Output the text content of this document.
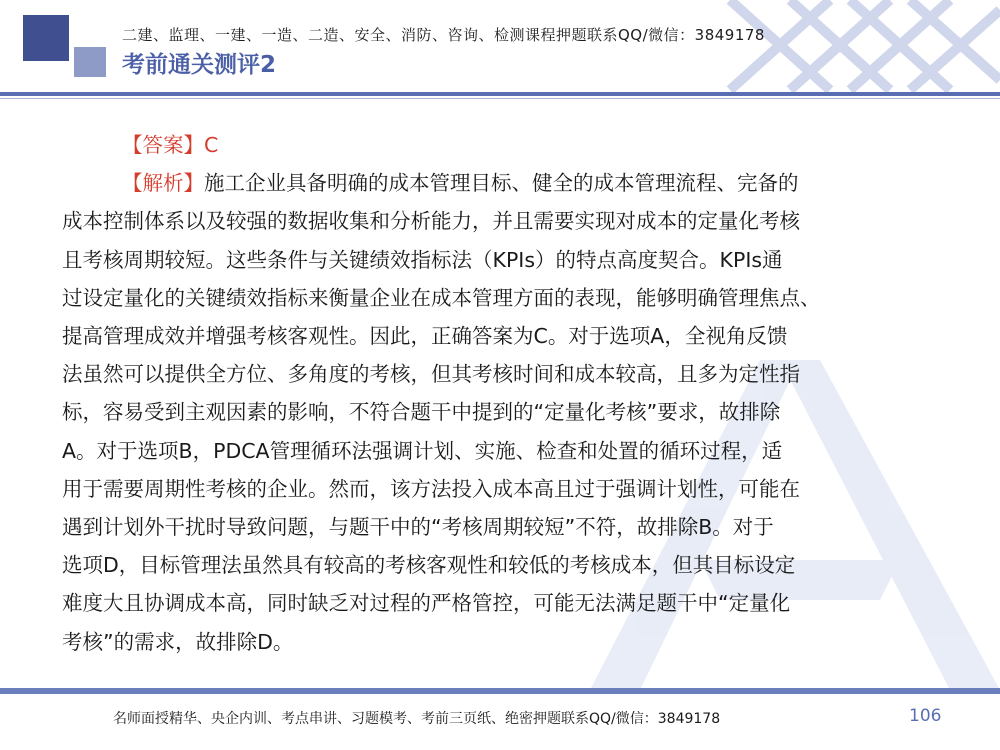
二建、监理、一建、一造、二造、安全、消防、咨询、检测课程押题联系QQ/微信：3849178
考前通关测评2

【答案】C

【解析】施工企业具备明确的成本管理目标、健全的成本管理流程、完备的

成本控制体系以及较强的数据收集和分析能力，并且需要实现对成本的定量化考核

且考核周期较短。这些条件与关键绩效指标法（KPIs）的特点高度契合。KPIs通

过设定量化的关键绩效指标来衡量企业在成本管理方面的表现，能够明确管理焦点、

提高管理成效并增强考核客观性。因此，正确答案为C。对于选项A，全视角反馈

法虽然可以提供全方位、多角度的考核，但其考核时间和成本较高，且多为定性指

标，容易受到主观因素的影响，不符合题干中提到的“定量化考核”要求，故排除

A。对于选项B，PDCA管理循环法强调计划、实施、检查和处置的循环过程，适

用于需要周期性考核的企业。然而，该方法投入成本高且过于强调计划性，可能在

遇到计划外干扰时导致问题，与题干中的“考核周期较短”不符，故排除B。对于

选项D，目标管理法虽然具有较高的考核客观性和较低的考核成本，但其目标设定

难度大且协调成本高，同时缺乏对过程的严格管控，可能无法满足题干中“定量化

考核”的需求，故排除D。

名师面授精华、央企内训、考点串讲、习题模考、考前三页纸、绝密押题联系QQ/微信：3849178	106
